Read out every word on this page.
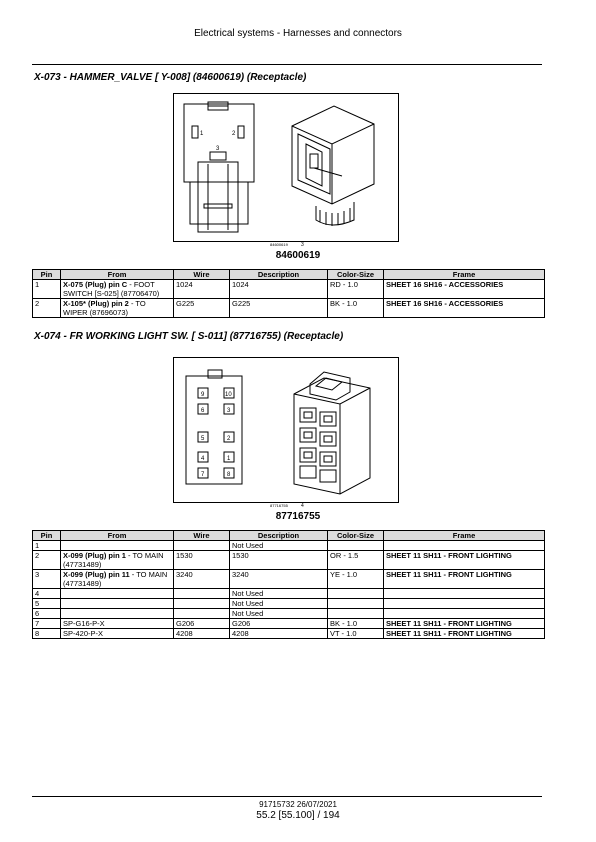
Electrical systems - Harnesses and connectors
X-073 - HAMMER_VALVE [ Y-008] (84600619) (Receptacle)
1	2
3
84600619	3
84600619
Pin	From	Wire	Description	Color-Size	Frame
1	X-075 (Plug) pin C - FOOT SWITCH [S-025] (87706470)	1024	1024	RD - 1.0	SHEET 16 SH16 - ACCESSORIES
2	X-105* (Plug) pin 2 - TO WIPER (87696073)	G225	G225	BK - 1.0	SHEET 16 SH16 - ACCESSORIES
X-074 - FR WORKING LIGHT SW. [ S-011] (87716755) (Receptacle)
9	10
6	3
5	2
4	1
7	8
87716755	4
87716755
Pin	From	Wire	Description	Color-Size	Frame
1			Not Used		
2	X-099 (Plug) pin 1 - TO MAIN (47731489)	1530	1530	OR - 1.5	SHEET 11 SH11 - FRONT LIGHTING
3	X-099 (Plug) pin 11 - TO MAIN (47731489)	3240	3240	YE - 1.0	SHEET 11 SH11 - FRONT LIGHTING
4			Not Used		
5			Not Used		
6			Not Used		
7	SP-G16-P-X	G206	G206	BK - 1.0	SHEET 11 SH11 - FRONT LIGHTING
8	SP-420-P-X	4208	4208	VT - 1.0	SHEET 11 SH11 - FRONT LIGHTING
91715732 26/07/2021
55.2 [55.100] / 194
